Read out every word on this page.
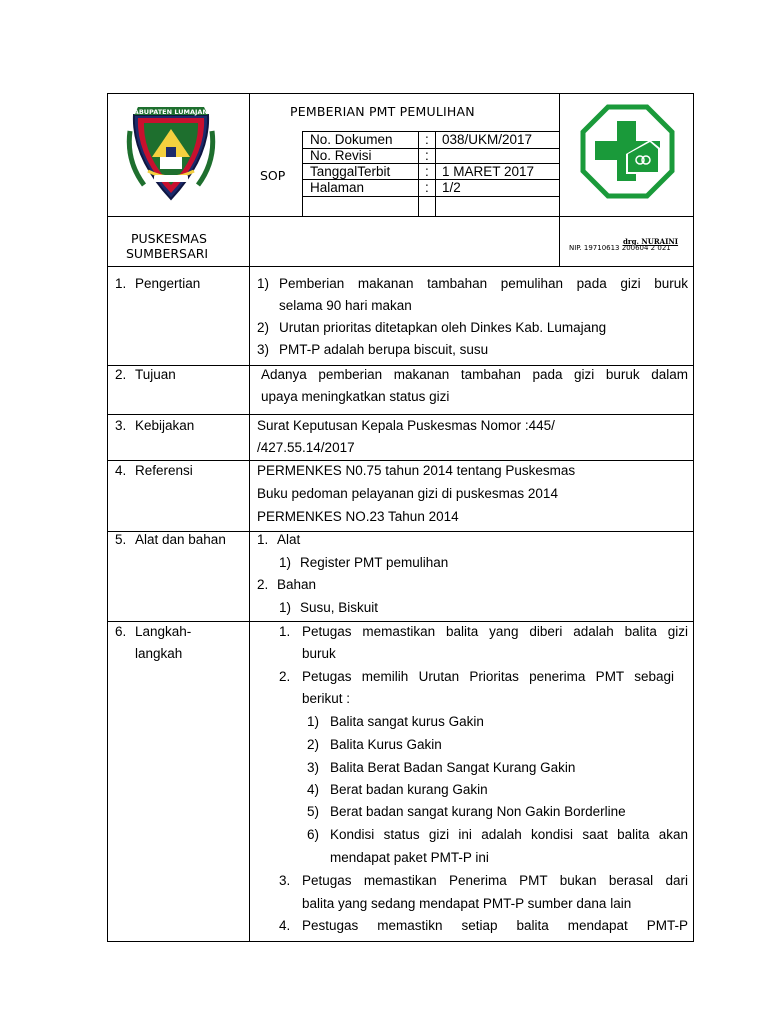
KABUPATEN LUMAJANG	PEMBERIAN PMT PEMULIHAN
SOP
No. Dokumen : 038/UKM/2017
No. Revisi	:
TanggalTerbit	: 1 MARET 2017
Halaman	: 1/2
PUSKESMAS
SUMBERSARI
drg. NURAINI
NIP. 19710613 200604 2 021
1. Pengertian	1) Pemberian makanan tambahan pemulihan pada gizi buruk
selama 90 hari makan
2) Urutan prioritas ditetapkan oleh Dinkes Kab. Lumajang
3) PMT-P adalah berupa biscuit, susu
2. Tujuan	Adanya pemberian makanan tambahan pada gizi buruk dalam
upaya meningkatkan status gizi
3. Kebijakan	Surat Keputusan Kepala Puskesmas Nomor :445/
/427.55.14/2017
4. Referensi	PERMENKES N0.75 tahun 2014 tentang Puskesmas
Buku pedoman pelayanan gizi di puskesmas 2014
PERMENKES NO.23 Tahun 2014
5. Alat dan bahan 1. Alat
1) Register PMT pemulihan
2. Bahan
1) Susu, Biskuit
6. Langkah-
langkah
1. Petugas memastikan balita yang diberi adalah balita gizi
buruk
2. Petugas memilih Urutan Prioritas penerima PMT sebagi
berikut :
1) Balita sangat kurus Gakin
2) Balita Kurus Gakin
3) Balita Berat Badan Sangat Kurang Gakin
4) Berat badan kurang Gakin
5) Berat badan sangat kurang Non Gakin Borderline
6) Kondisi status gizi ini adalah kondisi saat balita akan
mendapat paket PMT-P ini
3. Petugas memastikan Penerima PMT bukan berasal dari
balita yang sedang mendapat PMT-P sumber dana lain
4. Pestugas memastikn setiap balita mendapat PMT-P
